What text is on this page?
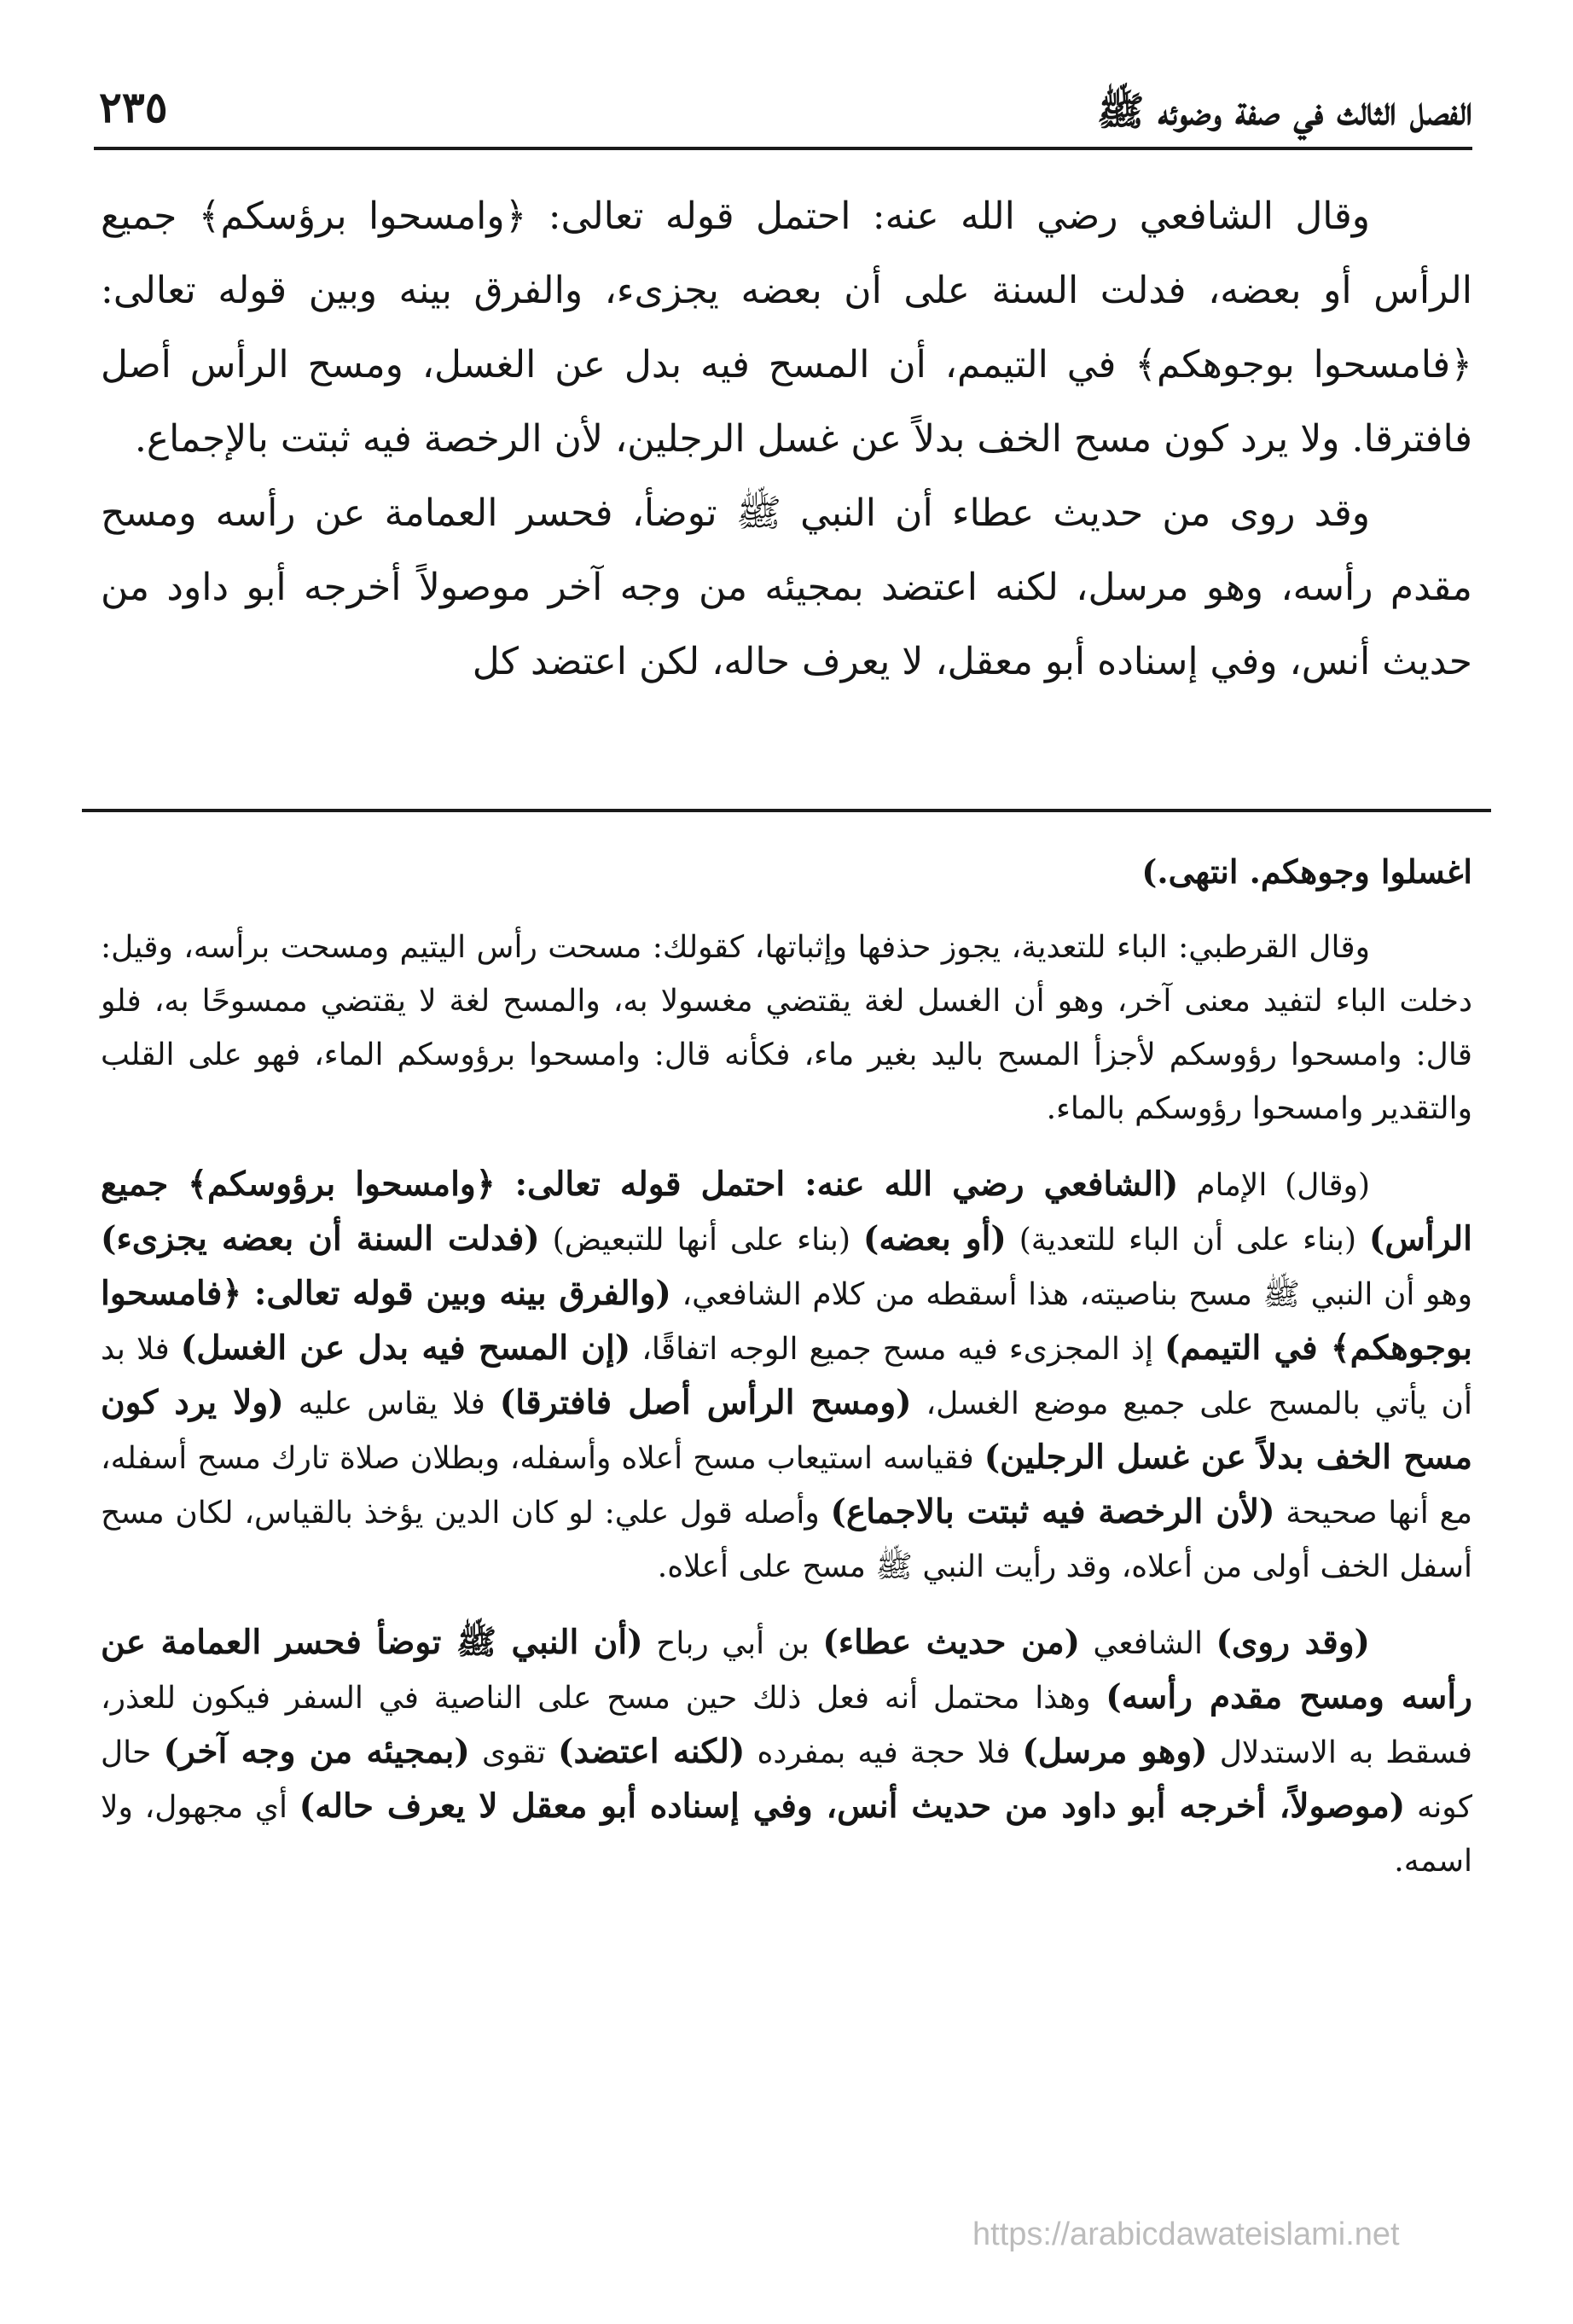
الفصل الثالث في صفة وضوئه ﷺ
٢٣٥

وقال الشافعي رضي الله عنه: احتمل قوله تعالى: ﴿وامسحوا برؤسكم﴾ جميع الرأس أو بعضه، فدلت السنة على أن بعضه يجزىء، والفرق بينه وبين قوله تعالى: ﴿فامسحوا بوجوهكم﴾ في التيمم، أن المسح فيه بدل عن الغسل، ومسح الرأس أصل فافترقا. ولا يرد كون مسح الخف بدلاً عن غسل الرجلين، لأن الرخصة فيه ثبتت بالإجماع.

وقد روى من حديث عطاء أن النبي ﷺ توضأ، فحسر العمامة عن رأسه ومسح مقدم رأسه، وهو مرسل، لكنه اعتضد بمجيئه من وجه آخر موصولاً أخرجه أبو داود من حديث أنس، وفي إسناده أبو معقل، لا يعرف حاله، لكن اعتضد كل

اغسلوا وجوهكم. انتهى.)

وقال القرطبي: الباء للتعدية، يجوز حذفها وإثباتها، كقولك: مسحت رأس اليتيم ومسحت برأسه، وقيل: دخلت الباء لتفيد معنى آخر، وهو أن الغسل لغة يقتضي مغسولا به، والمسح لغة لا يقتضي ممسوحًا به، فلو قال: وامسحوا رؤوسكم لأجزأ المسح باليد بغير ماء، فكأنه قال: وامسحوا برؤوسكم الماء، فهو على القلب والتقدير وامسحوا رؤوسكم بالماء.

(وقال) الإمام (الشافعي رضي الله عنه: احتمل قوله تعالى: ﴿وامسحوا برؤوسكم﴾ جميع الرأس) (بناء على أن الباء للتعدية) (أو بعضه) (بناء على أنها للتبعيض) (فدلت السنة أن بعضه يجزىء) وهو أن النبي ﷺ مسح بناصيته، هذا أسقطه من كلام الشافعي، (والفرق بينه وبين قوله تعالى: ﴿فامسحوا بوجوهكم﴾ في التيمم) إذ المجزىء فيه مسح جميع الوجه اتفاقًا، (إن المسح فيه بدل عن الغسل) فلا بد أن يأتي بالمسح على جميع موضع الغسل، (ومسح الرأس أصل فافترقا) فلا يقاس عليه (ولا يرد كون مسح الخف بدلاً عن غسل الرجلين) فقياسه استيعاب مسح أعلاه وأسفله، وبطلان صلاة تارك مسح أسفله، مع أنها صحيحة (لأن الرخصة فيه ثبتت بالاجماع) وأصله قول علي: لو كان الدين يؤخذ بالقياس، لكان مسح أسفل الخف أولى من أعلاه، وقد رأيت النبي ﷺ مسح على أعلاه.

(وقد روى) الشافعي (من حديث عطاء) بن أبي رباح (أن النبي ﷺ توضأ فحسر العمامة عن رأسه ومسح مقدم رأسه) وهذا محتمل أنه فعل ذلك حين مسح على الناصية في السفر فيكون للعذر، فسقط به الاستدلال (وهو مرسل) فلا حجة فيه بمفرده (لكنه اعتضد) تقوى (بمجيئه من وجه آخر) حال كونه (موصولاً، أخرجه أبو داود من حديث أنس، وفي إسناده أبو معقل لا يعرف حاله) أي مجهول، ولا اسمه.

https://arabicdawateislami.net
